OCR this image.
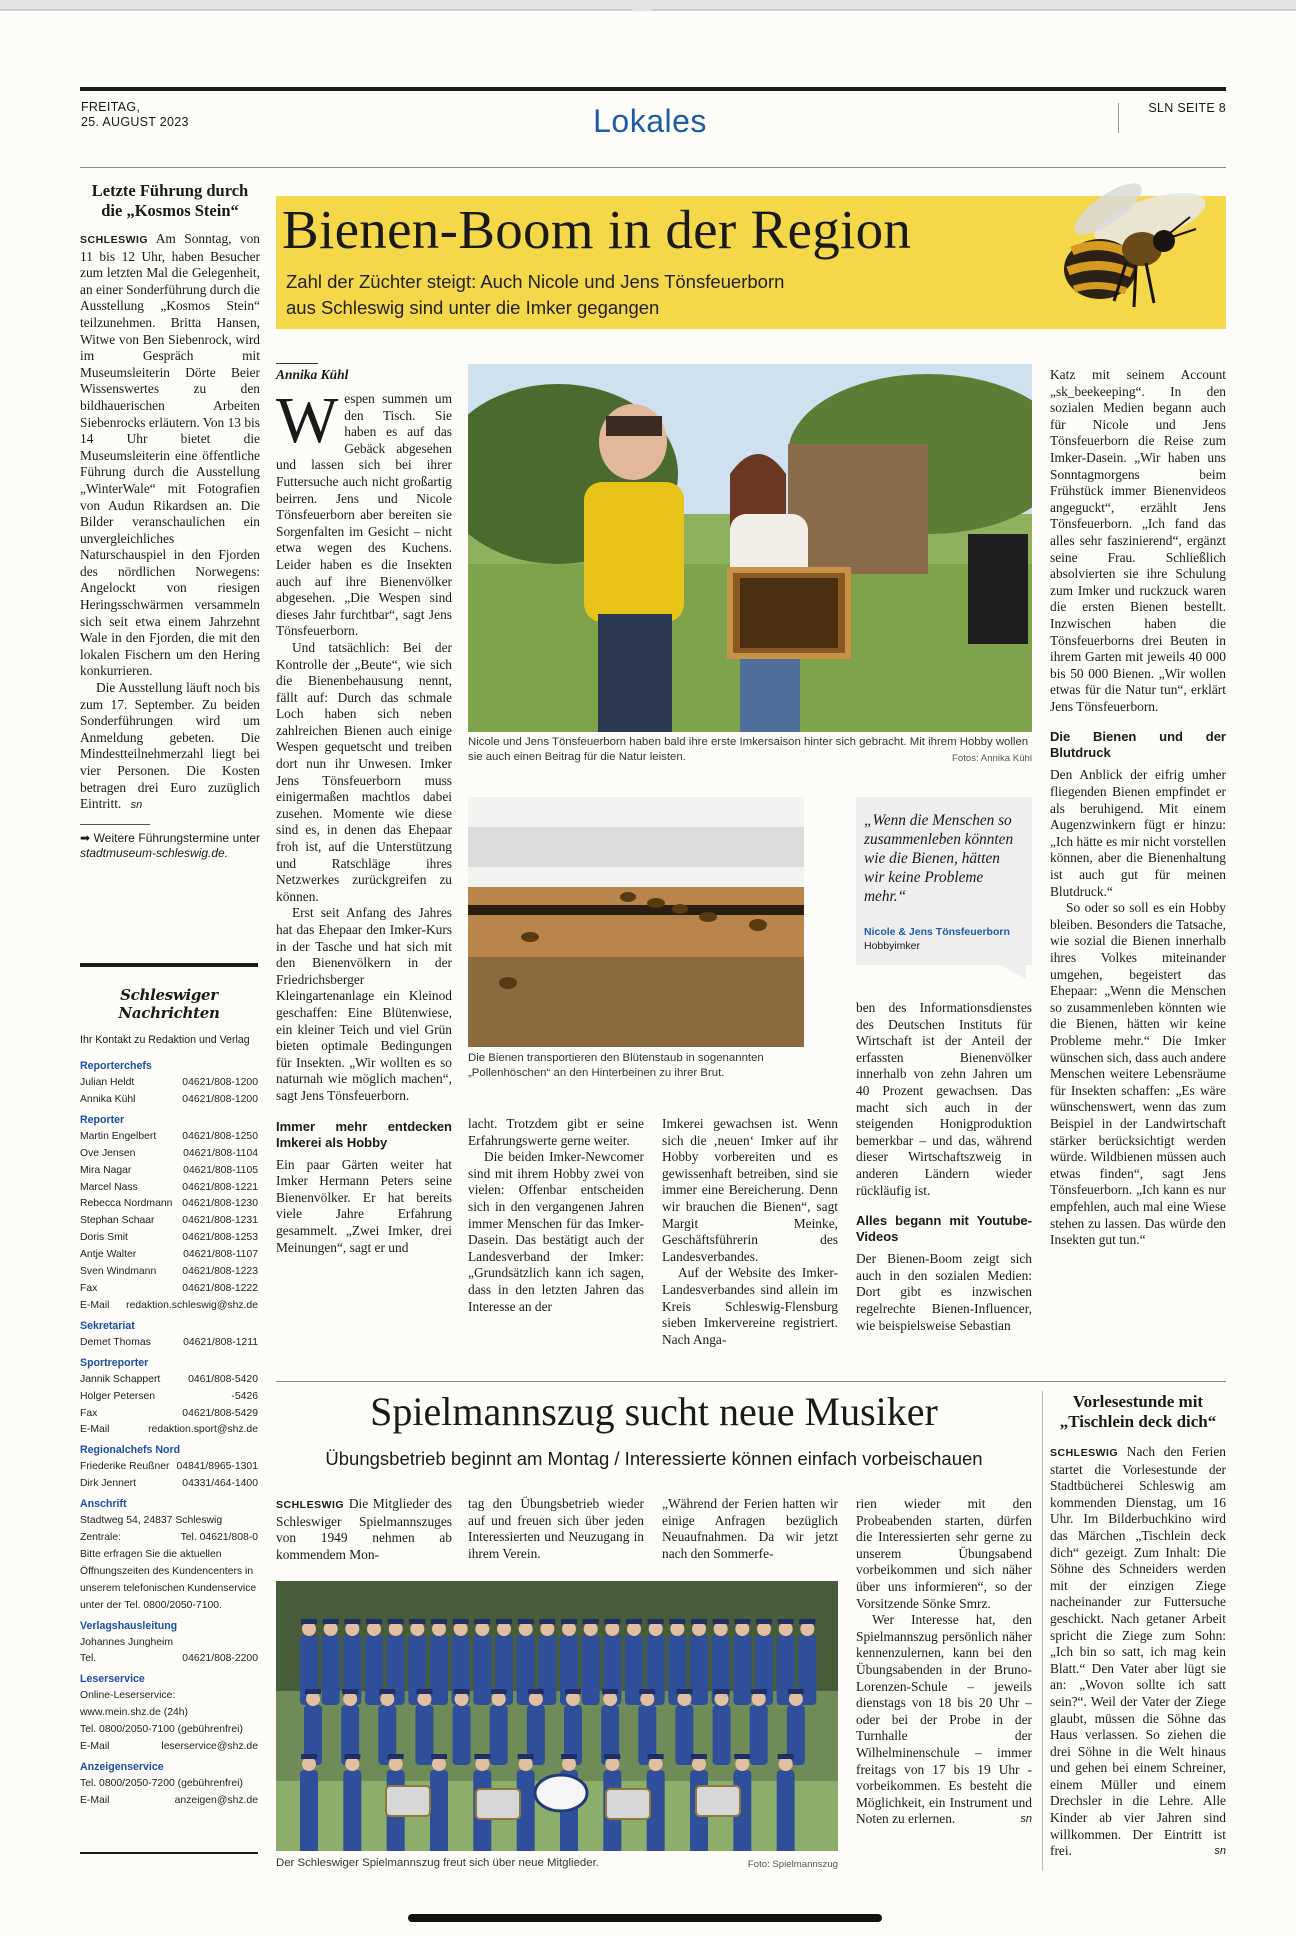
FREITAG,
25. AUGUST 2023	Lokales	SLN SEITE 8
Letzte Führung durch die „Kosmos Stein“
SCHLESWIG Am Sonntag, von 11 bis 12 Uhr, haben Besucher zum letzten Mal die Gelegenheit, an einer Sonderführung durch die Ausstellung „Kosmos Stein“ teilzunehmen. Britta Hansen, Witwe von Ben Siebenrock, wird im Gespräch mit Museumsleiterin Dörte Beier Wissenswertes zu den bildhauerischen Arbeiten Siebenrocks erläutern. Von 13 bis 14 Uhr bietet die Museumsleiterin eine öffentliche Führung durch die Ausstellung „WinterWale“ mit Fotografien von Audun Rikardsen an. Die Bilder veranschaulichen ein unvergleichliches Naturschauspiel in den Fjorden des nördlichen Norwegens: Angelockt von riesigen Heringsschwärmen versammeln sich seit etwa einem Jahrzehnt Wale in den Fjorden, die mit den lokalen Fischern um den Hering konkurrieren.
Die Ausstellung läuft noch bis zum 17. September. Zu beiden Sonderführungen wird um Anmeldung gebeten. Die Mindestteilnehmerzahl liegt bei vier Personen. Die Kosten betragen drei Euro zuzüglich Eintritt. sn
➡ Weitere Führungstermine unter stadtmuseum-schleswig.de.
Schleswiger Nachrichten
Ihr Kontakt zu Redaktion und Verlag
Reporterchefs
Julian Heldt	04621/808-1200
Annika Kühl	04621/808-1200
Reporter
Martin Engelbert	04621/808-1250
Ove Jensen	04621/808-1104
Mira Nagar	04621/808-1105
Marcel Nass	04621/808-1221
Rebecca Nordmann 04621/808-1230
Stephan Schaar	04621/808-1231
Doris Smit	04621/808-1253
Antje Walter	04621/808-1107
Sven Windmann	04621/808-1223
Fax	04621/808-1222
E-Mail redaktion.schleswig@shz.de
Sekretariat
Demet Thomas	04621/808-1211
Sportreporter
Jannik Schappert	0461/808-5420
Holger Petersen	-5426
Fax	04621/808-5429
E-Mail	redaktion.sport@shz.de
Regionalchefs Nord
Friederike Reußner 04841/8965-1301
Dirk Jennert	04331/464-1400
Anschrift
Stadtweg 54, 24837 Schleswig
Zentrale:	Tel. 04621/808-0
Bitte erfragen Sie die aktuellen Öffnungszeiten des Kundencenters in unserem telefonischen Kundenservice unter der Tel. 0800/2050-7100.
Verlagshausleitung
Johannes Jungheim
Tel.	04621/808-2200
Leserservice
Online-Leserservice:
www.mein.shz.de (24h)
Tel. 0800/2050-7100 (gebührenfrei)
E-Mail	leserservice@shz.de
Anzeigenservice
Tel. 0800/2050-7200 (gebührenfrei)
E-Mail	anzeigen@shz.de
Bienen-Boom in der Region
Zahl der Züchter steigt: Auch Nicole und Jens Tönsfeuerborn
aus Schleswig sind unter die Imker gegangen
Annika Kühl
W espen summen um den Tisch. Sie haben es auf das Gebäck abgesehen und lassen sich bei ihrer Futtersuche auch nicht großartig beirren. Jens und Nicole Tönsfeuerborn aber bereiten sie Sorgenfalten im Gesicht – nicht etwa wegen des Kuchens. Leider haben es die Insekten auch auf ihre Bienenvölker abgesehen. „Die Wespen sind dieses Jahr furchtbar“, sagt Jens Tönsfeuerborn.
Und tatsächlich: Bei der Kontrolle der „Beute“, wie sich die Bienenbehausung nennt, fällt auf: Durch das schmale Loch haben sich neben zahlreichen Bienen auch einige Wespen gequetscht und treiben dort nun ihr Unwesen. Imker Jens Tönsfeuerborn muss einigermaßen machtlos dabei zusehen. Momente wie diese sind es, in denen das Ehepaar froh ist, auf die Unterstützung und Ratschläge ihres Netzwerkes zurückgreifen zu können.
Erst seit Anfang des Jahres hat das Ehepaar den Imker-Kurs in der Tasche und hat sich mit den Bienenvölkern in der Friedrichsberger Kleingartenanlage ein Kleinod geschaffen: Eine Blütenwiese, ein kleiner Teich und viel Grün bieten optimale Bedingungen für Insekten. „Wir wollten es so naturnah wie möglich machen“, sagt Jens Tönsfeuerborn.
Immer mehr entdecken Imkerei als Hobby
Ein paar Gärten weiter hat Imker Hermann Peters seine Bienenvölker. Er hat bereits viele Jahre Erfahrung gesammelt. „Zwei Imker, drei Meinungen“, sagt er und
Nicole und Jens Tönsfeuerborn haben bald ihre erste Imkersaison hinter sich gebracht. Mit ihrem Hobby wollen sie auch einen Beitrag für die Natur leisten.	Fotos: Annika Kühl
Die Bienen transportieren den Blütenstaub in sogenannten „Pollenhöschen“ an den Hinterbeinen zu ihrer Brut.
„Wenn die Menschen so zusammenleben könnten wie die Bienen, hätten wir keine Probleme mehr.“
Nicole & Jens Tönsfeuerborn
Hobbyimker
lacht. Trotzdem gibt er seine Erfahrungswerte gerne weiter.
Die beiden Imker-Newcomer sind mit ihrem Hobby zwei von vielen: Offenbar entscheiden sich in den vergangenen Jahren immer Menschen für das Imker-Dasein. Das bestätigt auch der Landesverband der Imker: „Grundsätzlich kann ich sagen, dass in den letzten Jahren das Interesse an der
Imkerei gewachsen ist. Wenn sich die ‚neuen‘ Imker auf ihr Hobby vorbereiten und es gewissenhaft betreiben, sind sie immer eine Bereicherung. Denn wir brauchen die Bienen“, sagt Margit Meinke, Geschäftsführerin des Landesverbandes.
Auf der Website des Imker-Landesverbandes sind allein im Kreis Schleswig-Flensburg sieben Imkervereine registriert. Nach Anga-
ben des Informationsdienstes des Deutschen Instituts für Wirtschaft ist der Anteil der erfassten Bienenvölker innerhalb von zehn Jahren um 40 Prozent gewachsen. Das macht sich auch in der steigenden Honigproduktion bemerkbar – und das, während dieser Wirtschaftszweig in anderen Ländern wieder rückläufig ist.
Alles begann mit Youtube-Videos
Der Bienen-Boom zeigt sich auch in den sozialen Medien: Dort gibt es inzwischen regelrechte Bienen-Influencer, wie beispielsweise Sebastian
Katz mit seinem Account „sk_beekeeping“. In den sozialen Medien begann auch für Nicole und Jens Tönsfeuerborn die Reise zum Imker-Dasein. „Wir haben uns Sonntagmorgens beim Frühstück immer Bienenvideos angeguckt“, erzählt Jens Tönsfeuerborn. „Ich fand das alles sehr faszinierend“, ergänzt seine Frau. Schließlich absolvierten sie ihre Schulung zum Imker und ruckzuck waren die ersten Bienen bestellt. Inzwischen haben die Tönsfeuerborns drei Beuten in ihrem Garten mit jeweils 40 000 bis 50 000 Bienen. „Wir wollen etwas für die Natur tun“, erklärt Jens Tönsfeuerborn.
Die Bienen und der Blutdruck
Den Anblick der eifrig umher fliegenden Bienen empfindet er als beruhigend. Mit einem Augenzwinkern fügt er hinzu: „Ich hätte es mir nicht vorstellen können, aber die Bienenhaltung ist auch gut für meinen Blutdruck.“
So oder so soll es ein Hobby bleiben. Besonders die Tatsache, wie sozial die Bienen innerhalb ihres Volkes miteinander umgehen, begeistert das Ehepaar: „Wenn die Menschen so zusammenleben könnten wie die Bienen, hätten wir keine Probleme mehr.“ Die Imker wünschen sich, dass auch andere Menschen weitere Lebensräume für Insekten schaffen: „Es wäre wünschenswert, wenn das zum Beispiel in der Landwirtschaft stärker berücksichtigt werden würde. Wildbienen müssen auch etwas finden“, sagt Jens Tönsfeuerborn. „Ich kann es nur empfehlen, auch mal eine Wiese stehen zu lassen. Das würde den Insekten gut tun.“
Spielmannszug sucht neue Musiker
Übungsbetrieb beginnt am Montag / Interessierte können einfach vorbeischauen
SCHLESWIG Die Mitglieder des Schleswiger Spielmannszuges von 1949 nehmen ab kommendem Mon-
tag den Übungsbetrieb wieder auf und freuen sich über jeden Interessierten und Neuzugang in ihrem Verein.
„Während der Ferien hatten wir einige Anfragen bezüglich Neuaufnahmen. Da wir jetzt nach den Sommerfe-
rien wieder mit den Probeabenden starten, dürfen die Interessierten sehr gerne zu unserem Übungsabend vorbeikommen und sich näher über uns informieren“, so der Vorsitzende Sönke Smrz.
Wer Interesse hat, den Spielmannszug persönlich näher kennenzulernen, kann bei den Übungsabenden in der Bruno-Lorenzen-Schule – jeweils dienstags von 18 bis 20 Uhr – oder bei der Probe in der Turnhalle der Wilhelminenschule – immer freitags von 17 bis 19 Uhr - vorbeikommen. Es besteht die Möglichkeit, ein Instrument und Noten zu erlernen.	sn
Der Schleswiger Spielmannszug freut sich über neue Mitglieder.	Foto: Spielmannszug
Vorlesestunde mit „Tischlein deck dich“
SCHLESWIG Nach den Ferien startet die Vorlesestunde der Stadtbücherei Schleswig am kommenden Dienstag, um 16 Uhr. Im Bilderbuchkino wird das Märchen „Tischlein deck dich“ gezeigt. Zum Inhalt: Die Söhne des Schneiders werden mit der einzigen Ziege nacheinander zur Futtersuche geschickt. Nach getaner Arbeit spricht die Ziege zum Sohn: „Ich bin so satt, ich mag kein Blatt.“ Den Vater aber lügt sie an: „Wovon sollte ich satt sein?“. Weil der Vater der Ziege glaubt, müssen die Söhne das Haus verlassen. So ziehen die drei Söhne in die Welt hinaus und gehen bei einem Schreiner, einem Müller und einem Drechsler in die Lehre. Alle Kinder ab vier Jahren sind willkommen. Der Eintritt ist frei.	sn
